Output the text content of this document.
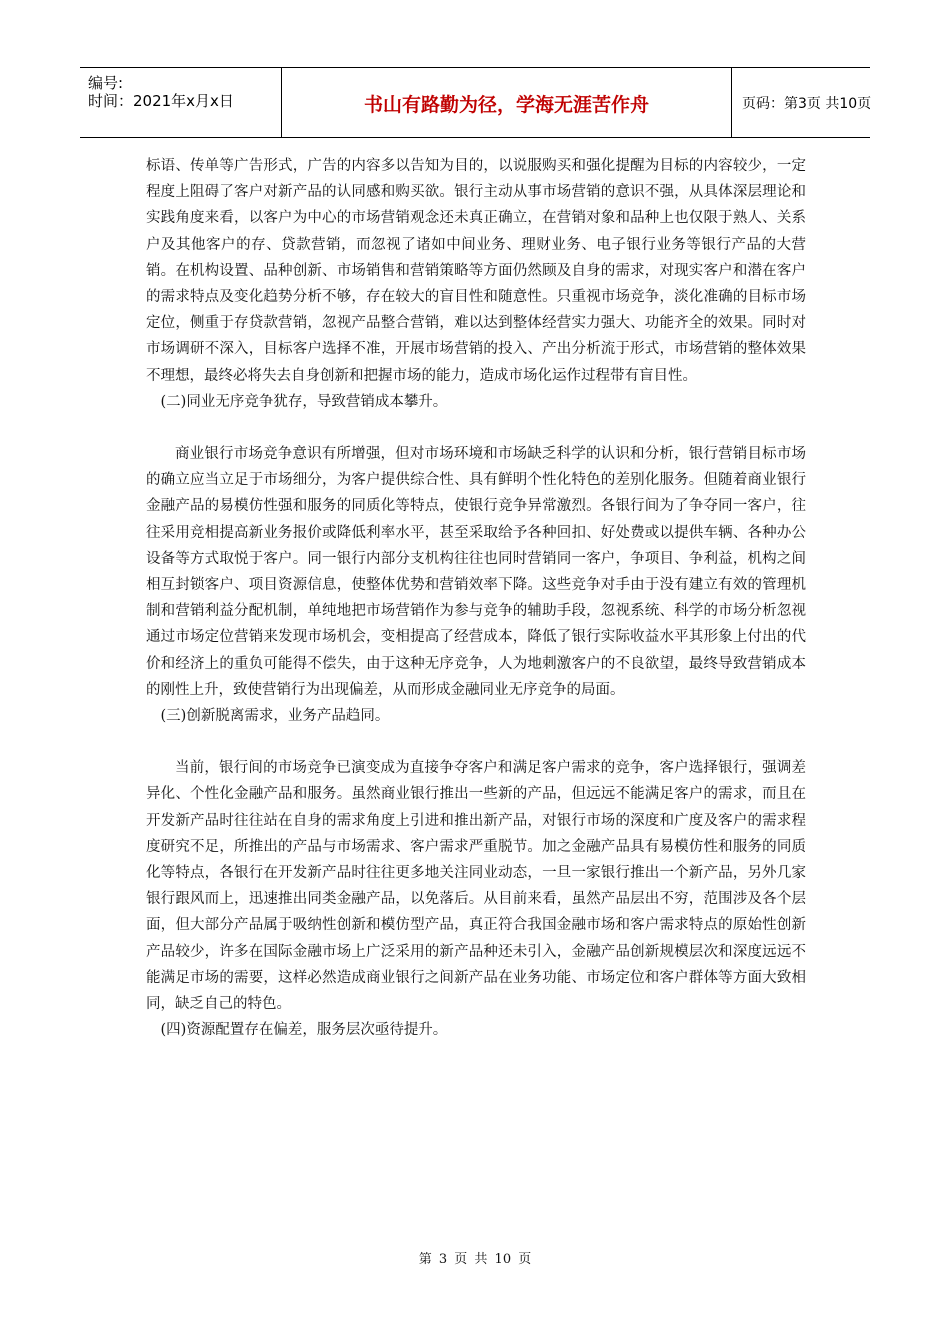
编号:
时间：2021年x月x日	书山有路勤为径，学海无涯苦作舟	页码：第3页 共10页

标语、传单等广告形式，广告的内容多以告知为目的，以说服购买和强化提醒为目标的内容较少，一定程度上阻碍了客户对新产品的认同感和购买欲。银行主动从事市场营销的意识不强，从具体深层理论和实践角度来看，以客户为中心的市场营销观念还未真正确立，在营销对象和品种上也仅限于熟人、关系户及其他客户的存、贷款营销，而忽视了诸如中间业务、理财业务、电子银行业务等银行产品的大营销。在机构设置、品种创新、市场销售和营销策略等方面仍然顾及自身的需求，对现实客户和潜在客户的需求特点及变化趋势分析不够，存在较大的盲目性和随意性。只重视市场竞争，淡化准确的目标市场定位，侧重于存贷款营销，忽视产品整合营销，难以达到整体经营实力强大、功能齐全的效果。同时对市场调研不深入，目标客户选择不准，开展市场营销的投入、产出分析流于形式，市场营销的整体效果不理想，最终必将失去自身创新和把握市场的能力，造成市场化运作过程带有盲目性。

(二)同业无序竞争犹存，导致营销成本攀升。

商业银行市场竞争意识有所增强，但对市场环境和市场缺乏科学的认识和分析，银行营销目标市场的确立应当立足于市场细分，为客户提供综合性、具有鲜明个性化特色的差别化服务。但随着商业银行金融产品的易模仿性强和服务的同质化等特点，使银行竞争异常激烈。各银行间为了争夺同一客户，往往采用竞相提高新业务报价或降低利率水平，甚至采取给予各种回扣、好处费或以提供车辆、各种办公设备等方式取悦于客户。同一银行内部分支机构往往也同时营销同一客户，争项目、争利益，机构之间相互封锁客户、项目资源信息，使整体优势和营销效率下降。这些竞争对手由于没有建立有效的管理机制和营销利益分配机制，单纯地把市场营销作为参与竞争的辅助手段，忽视系统、科学的市场分析忽视通过市场定位营销来发现市场机会，变相提高了经营成本，降低了银行实际收益水平其形象上付出的代价和经济上的重负可能得不偿失，由于这种无序竞争，人为地刺激客户的不良欲望，最终导致营销成本的刚性上升，致使营销行为出现偏差，从而形成金融同业无序竞争的局面。

(三)创新脱离需求，业务产品趋同。

当前，银行间的市场竞争已演变成为直接争夺客户和满足客户需求的竞争，客户选择银行，强调差异化、个性化金融产品和服务。虽然商业银行推出一些新的产品，但远远不能满足客户的需求，而且在开发新产品时往往站在自身的需求角度上引进和推出新产品，对银行市场的深度和广度及客户的需求程度研究不足，所推出的产品与市场需求、客户需求严重脱节。加之金融产品具有易模仿性和服务的同质化等特点，各银行在开发新产品时往往更多地关注同业动态，一旦一家银行推出一个新产品，另外几家银行跟风而上，迅速推出同类金融产品，以免落后。从目前来看，虽然产品层出不穷，范围涉及各个层面，但大部分产品属于吸纳性创新和模仿型产品，真正符合我国金融市场和客户需求特点的原始性创新产品较少，许多在国际金融市场上广泛采用的新产品种还未引入，金融产品创新规模层次和深度远远不能满足市场的需要，这样必然造成商业银行之间新产品在业务功能、市场定位和客户群体等方面大致相同，缺乏自己的特色。

(四)资源配置存在偏差，服务层次亟待提升。

第 3 页 共 10 页
